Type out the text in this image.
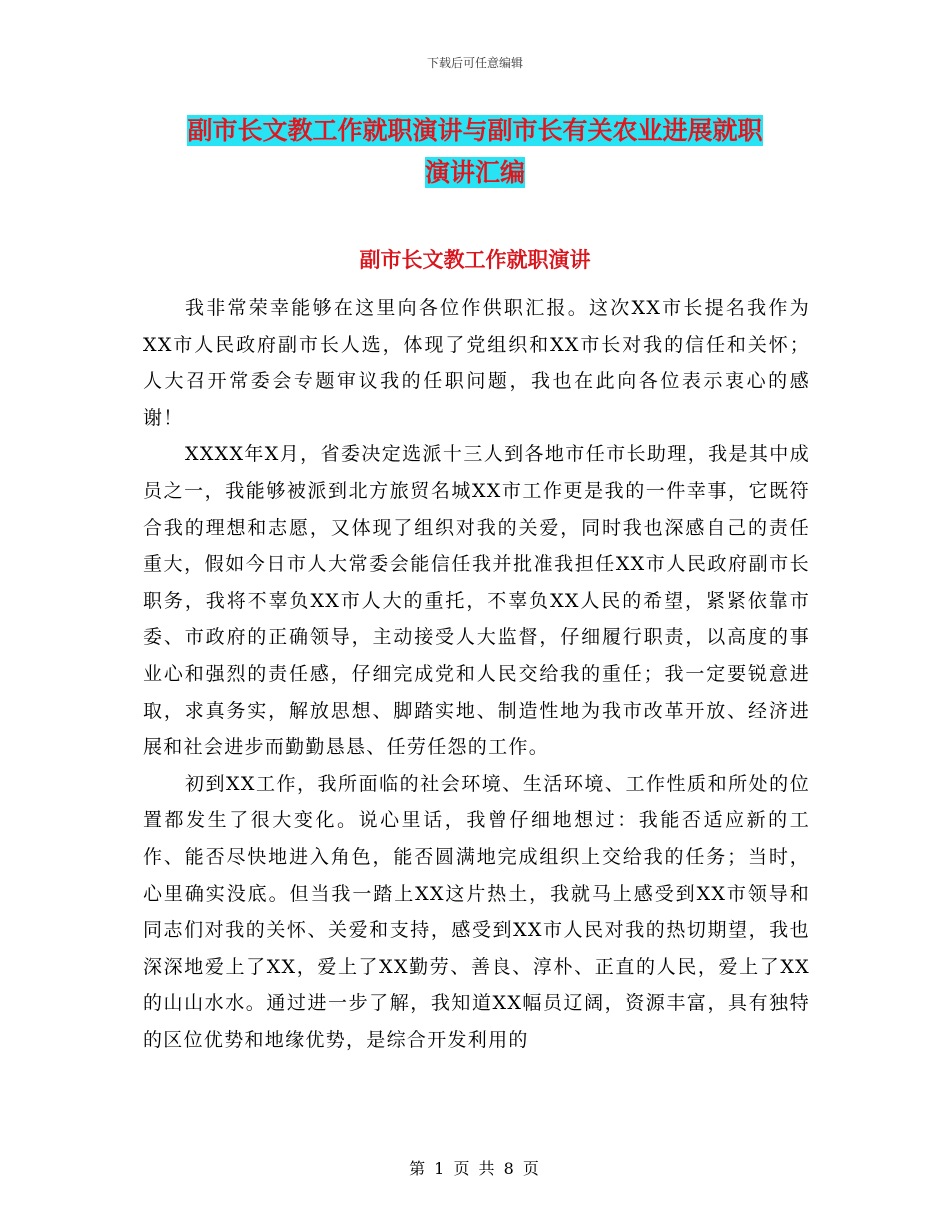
下载后可任意编辑
副市长文教工作就职演讲与副市长有关农业进展就职
演讲汇编
副市长文教工作就职演讲

我非常荣幸能够在这里向各位作供职汇报。这次XX市长提名我作为XX市人民政府副市长人选，体现了党组织和XX市长对我的信任和关怀；人大召开常委会专题审议我的任职问题，我也在此向各位表示衷心的感谢！

XXXX年X月，省委决定选派十三人到各地市任市长助理，我是其中成员之一，我能够被派到北方旅贸名城XX市工作更是我的一件幸事，它既符合我的理想和志愿，又体现了组织对我的关爱，同时我也深感自己的责任重大，假如今日市人大常委会能信任我并批准我担任XX市人民政府副市长职务，我将不辜负XX市人大的重托，不辜负XX人民的希望，紧紧依靠市委、市政府的正确领导，主动接受人大监督，仔细履行职责，以高度的事业心和强烈的责任感，仔细完成党和人民交给我的重任；我一定要锐意进取，求真务实，解放思想、脚踏实地、制造性地为我市改革开放、经济进展和社会进步而勤勤恳恳、任劳任怨的工作。

初到XX工作，我所面临的社会环境、生活环境、工作性质和所处的位置都发生了很大变化。说心里话，我曾仔细地想过：我能否适应新的工作、能否尽快地进入角色，能否圆满地完成组织上交给我的任务；当时，心里确实没底。但当我一踏上XX这片热土，我就马上感受到XX市领导和同志们对我的关怀、关爱和支持，感受到XX市人民对我的热切期望，我也深深地爱上了XX，爱上了XX勤劳、善良、淳朴、正直的人民，爱上了XX的山山水水。通过进一步了解，我知道XX幅员辽阔，资源丰富，具有独特的区位优势和地缘优势，是综合开发利用的

第 1 页 共 8 页
